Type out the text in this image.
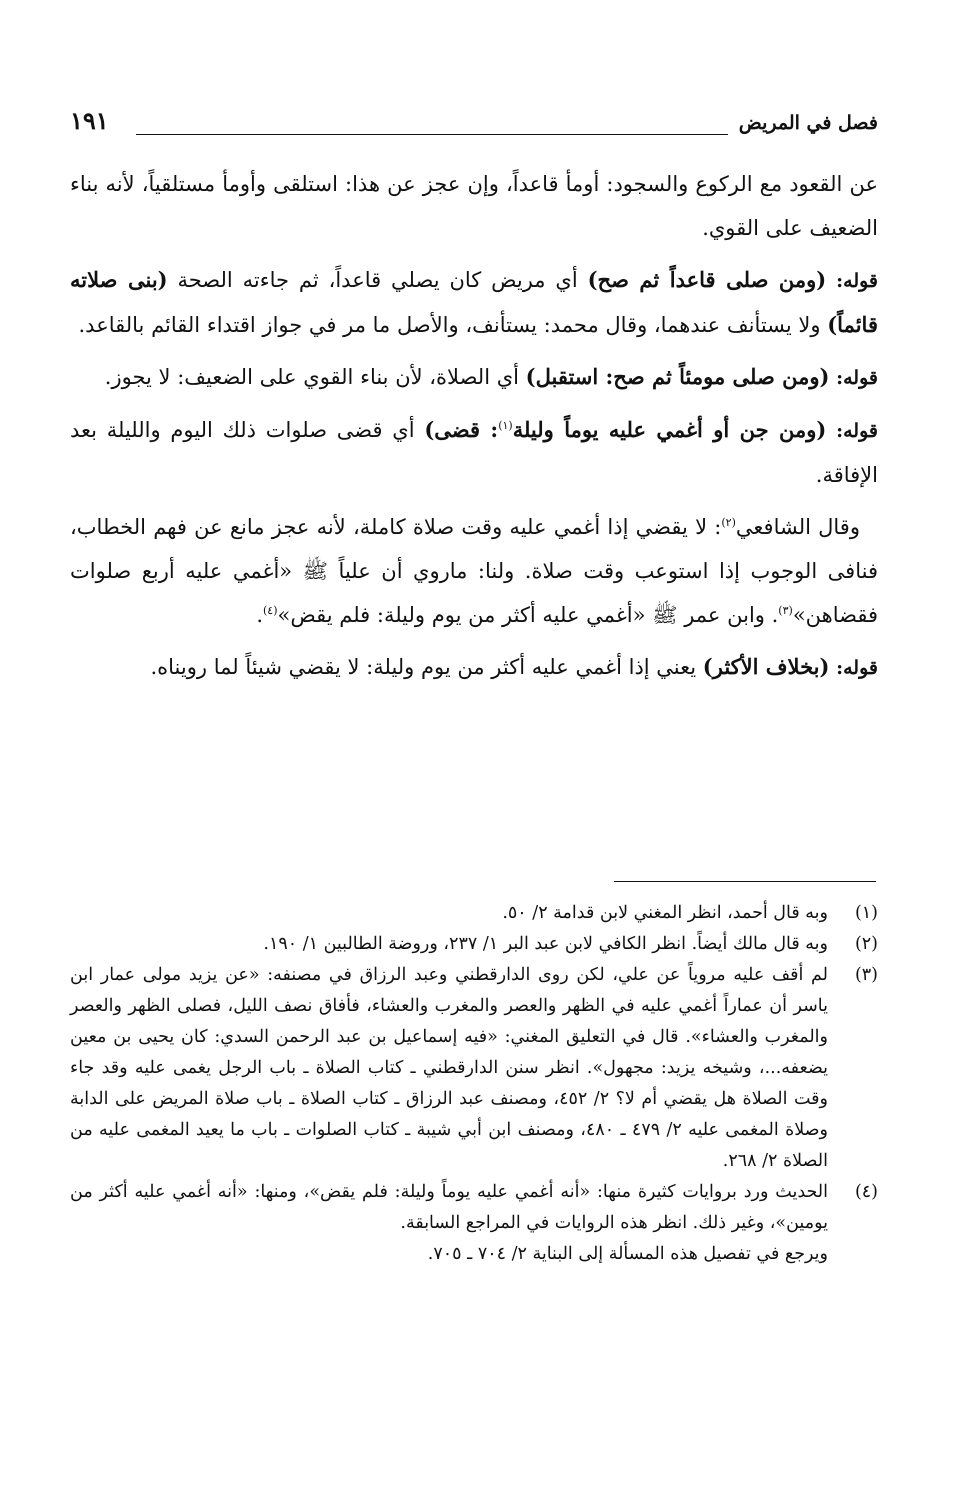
فصل في المريض
١٩١

عن القعود مع الركوع والسجود: أومأ قاعداً، وإن عجز عن هذا: استلقى وأومأ مستلقياً، لأنه بناء الضعيف على القوي.

قوله: (ومن صلى قاعداً ثم صح) أي مريض كان يصلي قاعداً، ثم جاءته الصحة (بنى صلاته قائماً) ولا يستأنف عندهما، وقال محمد: يستأنف، والأصل ما مر في جواز اقتداء القائم بالقاعد.

قوله: (ومن صلى مومئاً ثم صح: استقبل) أي الصلاة، لأن بناء القوي على الضعيف: لا يجوز.

قوله: (ومن جن أو أغمي عليه يوماً وليلة$^{(١)}$: قضى) أي قضى صلوات ذلك اليوم والليلة بعد الإفاقة.

وقال الشافعي$^{(٢)}$: لا يقضي إذا أغمي عليه وقت صلاة كاملة، لأنه عجز مانع عن فهم الخطاب، فنافى الوجوب إذا استوعب وقت صلاة. ولنا: ماروي أن علياً ﷺ «أغمي عليه أربع صلوات فقضاهن»$^{(٣)}$. وابن عمر ﷺ «أغمي عليه أكثر من يوم وليلة: فلم يقض»$^{(٤)}$.

قوله: (بخلاف الأكثر) يعني إذا أغمي عليه أكثر من يوم وليلة: لا يقضي شيئاً لما رويناه.

(١)
وبه قال أحمد، انظر المغني لابن قدامة ٢/ ٥٠.
(٢)
وبه قال مالك أيضاً. انظر الكافي لابن عبد البر ١/ ٢٣٧، وروضة الطالبين ١/ ١٩٠.
(٣)
لم أقف عليه مروياً عن علي، لكن روى الدارقطني وعبد الرزاق في مصنفه: «عن يزيد مولى عمار ابن ياسر أن عماراً أغمي عليه في الظهر والعصر والمغرب والعشاء، فأفاق نصف الليل، فصلى الظهر والعصر والمغرب والعشاء». قال في التعليق المغني: «فيه إسماعيل بن عبد الرحمن السدي: كان يحيى بن معين يضعفه...، وشيخه يزيد: مجهول». انظر سنن الدارقطني ـ كتاب الصلاة ـ باب الرجل يغمى عليه وقد جاء وقت الصلاة هل يقضي أم لا؟ ٢/ ٤٥٢، ومصنف عبد الرزاق ـ كتاب الصلاة ـ باب صلاة المريض على الدابة وصلاة المغمى عليه ٢/ ٤٧٩ ـ ٤٨٠، ومصنف ابن أبي شيبة ـ كتاب الصلوات ـ باب ما يعيد المغمى عليه من الصلاة ٢/ ٢٦٨.
(٤)
الحديث ورد بروايات كثيرة منها: «أنه أغمي عليه يوماً وليلة: فلم يقض»، ومنها: «أنه أغمي عليه أكثر من يومين»، وغير ذلك. انظر هذه الروايات في المراجع السابقة.
ويرجع في تفصيل هذه المسألة إلى البناية ٢/ ٧٠٤ ـ ٧٠٥.
